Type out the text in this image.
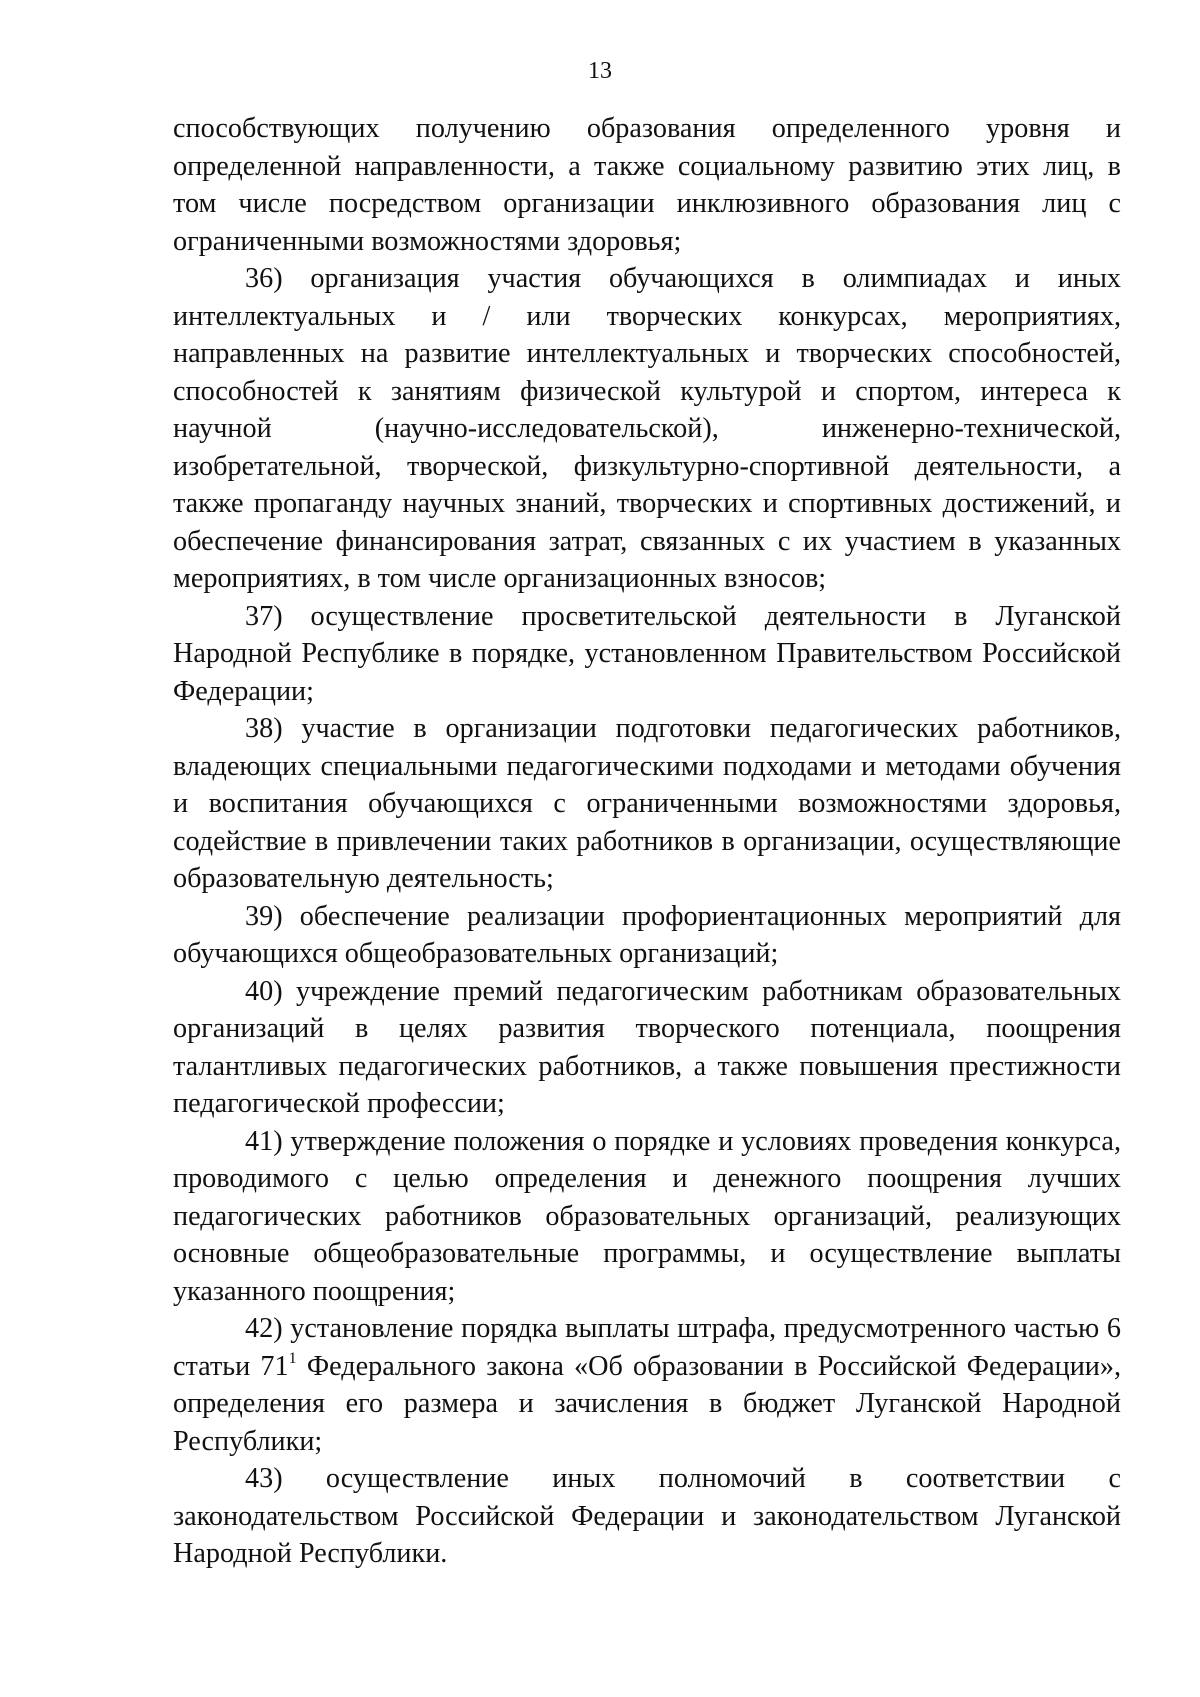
13

способствующих получению образования определенного уровня и определенной направленности, а также социальному развитию этих лиц, в том числе посредством организации инклюзивного образования лиц с ограниченными возможностями здоровья;

36) организация участия обучающихся в олимпиадах и иных интеллектуальных и / или творческих конкурсах, мероприятиях, направленных на развитие интеллектуальных и творческих способностей, способностей к занятиям физической культурой и спортом, интереса к научной (научно-исследовательской), инженерно-технической, изобретательной, творческой, физкультурно-спортивной деятельности, а также пропаганду научных знаний, творческих и спортивных достижений, и обеспечение финансирования затрат, связанных с их участием в указанных мероприятиях, в том числе организационных взносов;

37) осуществление просветительской деятельности в Луганской Народной Республике в порядке, установленном Правительством Российской Федерации;

38) участие в организации подготовки педагогических работников, владеющих специальными педагогическими подходами и методами обучения и воспитания обучающихся с ограниченными возможностями здоровья, содействие в привлечении таких работников в организации, осуществляющие образовательную деятельность;

39) обеспечение реализации профориентационных мероприятий для обучающихся общеобразовательных организаций;

40) учреждение премий педагогическим работникам образовательных организаций в целях развития творческого потенциала, поощрения талантливых педагогических работников, а также повышения престижности педагогической профессии;

41) утверждение положения о порядке и условиях проведения конкурса, проводимого с целью определения и денежного поощрения лучших педагогических работников образовательных организаций, реализующих основные общеобразовательные программы, и осуществление выплаты указанного поощрения;

42) установление порядка выплаты штрафа, предусмотренного частью 6 статьи $71^1$ Федерального закона «Об образовании в Российской Федерации», определения его размера и зачисления в бюджет Луганской Народной Республики;

43) осуществление иных полномочий в соответствии с законодательством Российской Федерации и законодательством Луганской Народной Республики.
